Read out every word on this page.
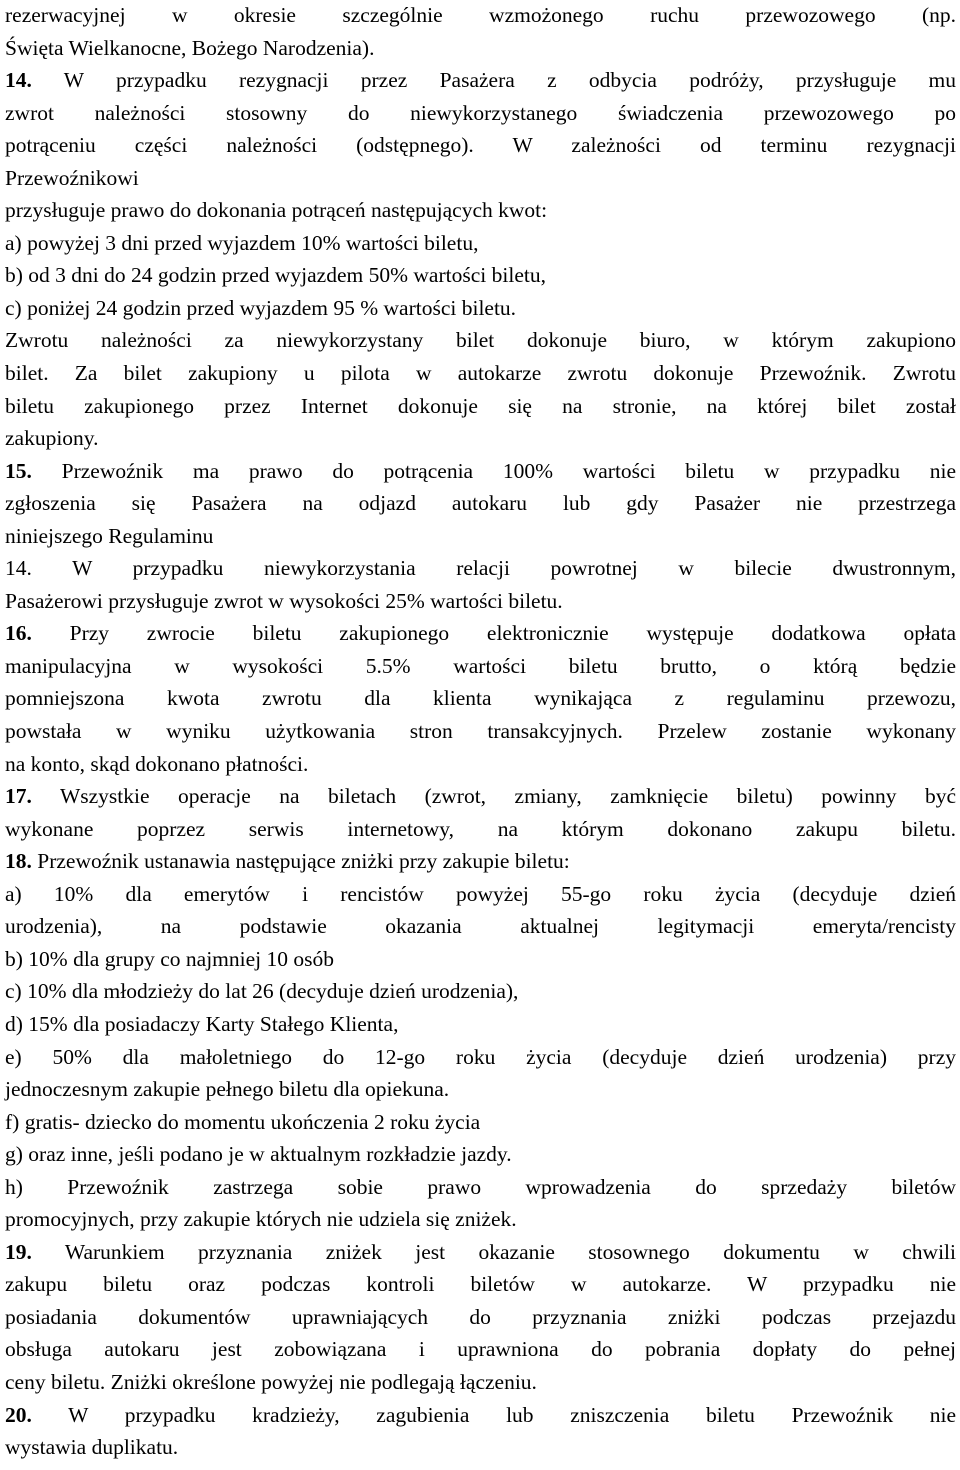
rezerwacyjnej w okresie szczególnie wzmożonego ruchu przewozowego (np.
Święta Wielkanocne, Bożego Narodzenia).
14. W przypadku rezygnacji przez Pasażera z odbycia podróży, przysługuje mu
zwrot należności stosowny do niewykorzystanego świadczenia przewozowego po
potrąceniu części należności (odstępnego). W zależności od terminu rezygnacji
Przewoźnikowi
przysługuje prawo do dokonania potrąceń następujących kwot:
a) powyżej 3 dni przed wyjazdem 10% wartości biletu,
b) od 3 dni do 24 godzin przed wyjazdem 50% wartości biletu,
c) poniżej 24 godzin przed wyjazdem 95 % wartości biletu.
Zwrotu należności za niewykorzystany bilet dokonuje biuro, w którym zakupiono
bilet. Za bilet zakupiony u pilota w autokarze zwrotu dokonuje Przewoźnik. Zwrotu
biletu zakupionego przez Internet dokonuje się na stronie, na której bilet został
zakupiony.
15. Przewoźnik ma prawo do potrącenia 100% wartości biletu w przypadku nie
zgłoszenia się Pasażera na odjazd autokaru lub gdy Pasażer nie przestrzega
niniejszego Regulaminu
14. W przypadku niewykorzystania relacji powrotnej w bilecie dwustronnym,
Pasażerowi przysługuje zwrot w wysokości 25% wartości biletu.
16. Przy zwrocie biletu zakupionego elektronicznie występuje dodatkowa opłata
manipulacyjna w wysokości 5.5% wartości biletu brutto, o którą będzie
pomniejszona kwota zwrotu dla klienta wynikająca z regulaminu przewozu,
powstała w wyniku użytkowania stron transakcyjnych. Przelew zostanie wykonany
na konto, skąd dokonano płatności.
17. Wszystkie operacje na biletach (zwrot, zmiany, zamknięcie biletu) powinny być
wykonane poprzez serwis internetowy, na którym dokonano zakupu biletu.
18. Przewoźnik ustanawia następujące zniżki przy zakupie biletu:
a) 10% dla emerytów i rencistów powyżej 55-go roku życia (decyduje dzień
urodzenia), na podstawie okazania aktualnej legitymacji emeryta/rencisty
b) 10% dla grupy co najmniej 10 osób
c) 10% dla młodzieży do lat 26 (decyduje dzień urodzenia),
d) 15% dla posiadaczy Karty Stałego Klienta,
e) 50% dla małoletniego do 12-go roku życia (decyduje dzień urodzenia) przy
jednoczesnym zakupie pełnego biletu dla opiekuna.
f) gratis- dziecko do momentu ukończenia 2 roku życia
g) oraz inne, jeśli podano je w aktualnym rozkładzie jazdy.
h) Przewoźnik zastrzega sobie prawo wprowadzenia do sprzedaży biletów
promocyjnych, przy zakupie których nie udziela się zniżek.
19. Warunkiem przyznania zniżek jest okazanie stosownego dokumentu w chwili
zakupu biletu oraz podczas kontroli biletów w autokarze. W przypadku nie
posiadania dokumentów uprawniających do przyznania zniżki podczas przejazdu
obsługa autokaru jest zobowiązana i uprawniona do pobrania dopłaty do pełnej
ceny biletu. Zniżki określone powyżej nie podlegają łączeniu.
20. W przypadku kradzieży, zagubienia lub zniszczenia biletu Przewoźnik nie
wystawia duplikatu.
